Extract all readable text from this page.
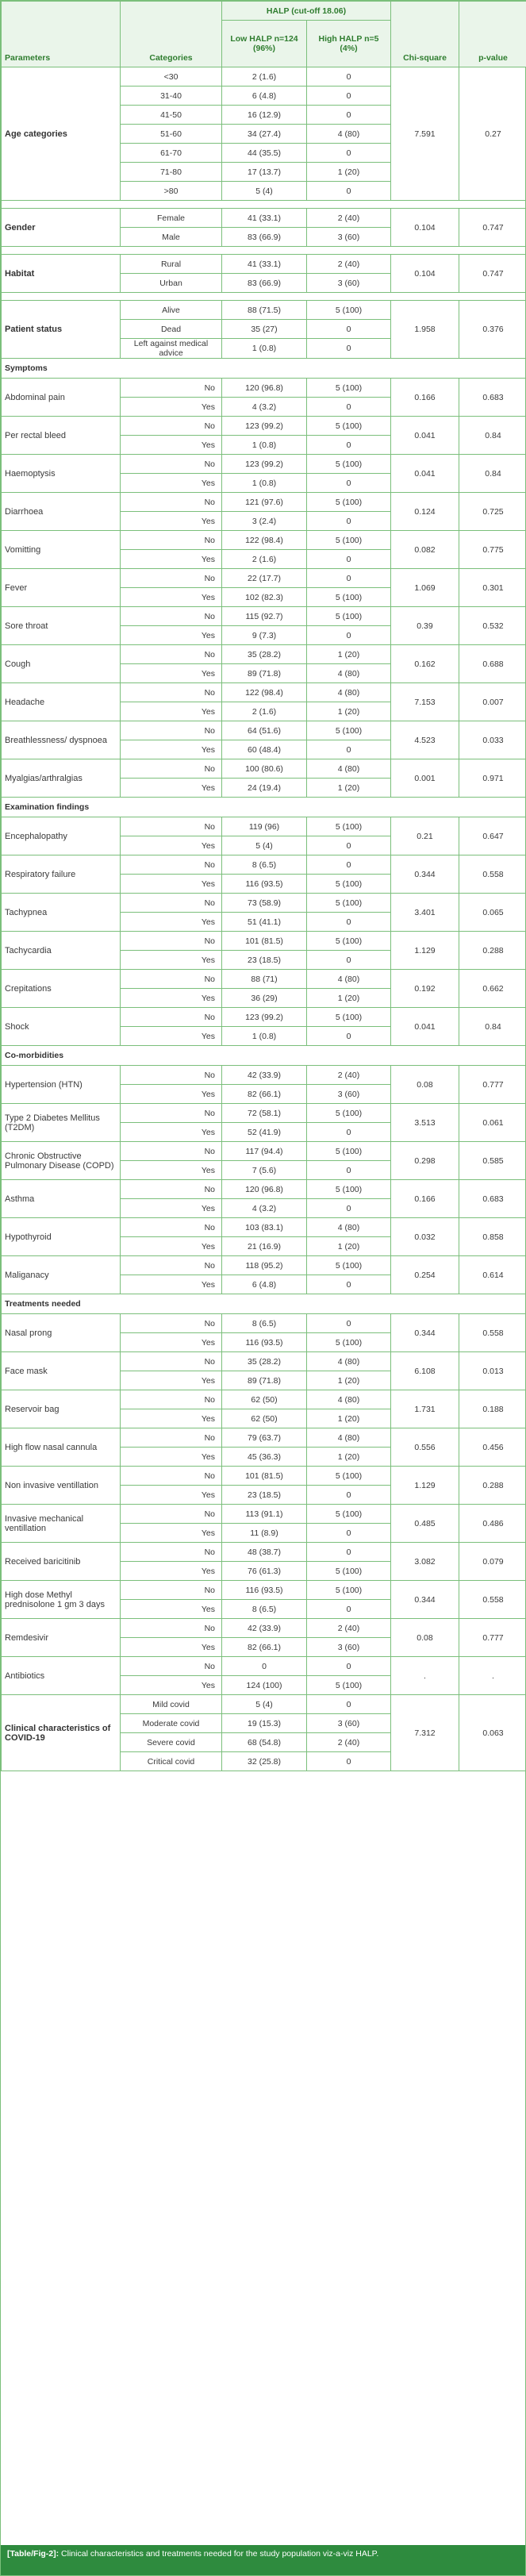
Parameters	Categories	HALP (cut-off 18.06)		Chi-square	p-value
		Low HALP n=124 (96%)	High HALP n=5 (4%)		
Age categories	<30	2 (1.6)	0	7.591	0.27
	31-40	6 (4.8)	0		
	41-50	16 (12.9)	0		
	51-60	34 (27.4)	4 (80)		
	61-70	44 (35.5)	0		
	71-80	17 (13.7)	1 (20)		
	>80	5 (4)	0		

Gender	Female	41 (33.1)	2 (40)	0.104	0.747
	Male	83 (66.9)	3 (60)		

Habitat	Rural	41 (33.1)	2 (40)	0.104	0.747
	Urban	83 (66.9)	3 (60)		

Patient status	Alive	88 (71.5)	5 (100)	1.958	0.376
	Dead	35 (27)	0		
	Left against medical advice	1 (0.8)	0		
Symptoms					
Abdominal pain	No	120 (96.8)	5 (100)	0.166	0.683
	Yes	4 (3.2)	0		
Per rectal bleed	No	123 (99.2)	5 (100)	0.041	0.84
	Yes	1 (0.8)	0		
Haemoptysis	No	123 (99.2)	5 (100)	0.041	0.84
	Yes	1 (0.8)	0		
Diarrhoea	No	121 (97.6)	5 (100)	0.124	0.725
	Yes	3 (2.4)	0		
Vomitting	No	122 (98.4)	5 (100)	0.082	0.775
	Yes	2 (1.6)	0		
Fever	No	22 (17.7)	0	1.069	0.301
	Yes	102 (82.3)	5 (100)		
Sore throat	No	115 (92.7)	5 (100)	0.39	0.532
	Yes	9 (7.3)	0		
Cough	No	35 (28.2)	1 (20)	0.162	0.688
	Yes	89 (71.8)	4 (80)		
Headache	No	122 (98.4)	4 (80)	7.153	0.007
	Yes	2 (1.6)	1 (20)		
Breathlessness/ dyspnoea	No	64 (51.6)	5 (100)	4.523	0.033
	Yes	60 (48.4)	0		
Myalgias/arthralgias	No	100 (80.6)	4 (80)	0.001	0.971
	Yes	24 (19.4)	1 (20)		
Examination findings					
Encephalopathy	No	119 (96)	5 (100)	0.21	0.647
	Yes	5 (4)	0		
Respiratory failure	No	8 (6.5)	0	0.344	0.558
	Yes	116 (93.5)	5 (100)		
Tachypnea	No	73 (58.9)	5 (100)	3.401	0.065
	Yes	51 (41.1)	0		
Tachycardia	No	101 (81.5)	5 (100)	1.129	0.288
	Yes	23 (18.5)	0		
Crepitations	No	88 (71)	4 (80)	0.192	0.662
	Yes	36 (29)	1 (20)		
Shock	No	123 (99.2)	5 (100)	0.041	0.84
	Yes	1 (0.8)	0		
Co-morbidities					
Hypertension (HTN)	No	42 (33.9)	2 (40)	0.08	0.777
	Yes	82 (66.1)	3 (60)		
Type 2 Diabetes Mellitus (T2DM)	No	72 (58.1)	5 (100)	3.513	0.061
	Yes	52 (41.9)	0		
Chronic Obstructive Pulmonary Disease (COPD)	No	117 (94.4)	5 (100)	0.298	0.585
	Yes	7 (5.6)	0		
Asthma	No	120 (96.8)	5 (100)	0.166	0.683
	Yes	4 (3.2)	0		
Hypothyroid	No	103 (83.1)	4 (80)	0.032	0.858
	Yes	21 (16.9)	1 (20)		
Maliganacy	No	118 (95.2)	5 (100)	0.254	0.614
	Yes	6 (4.8)	0		
Treatments needed					
Nasal prong	No	8 (6.5)	0	0.344	0.558
	Yes	116 (93.5)	5 (100)		
Face mask	No	35 (28.2)	4 (80)	6.108	0.013
	Yes	89 (71.8)	1 (20)		
Reservoir bag	No	62 (50)	4 (80)	1.731	0.188
	Yes	62 (50)	1 (20)		
High flow nasal cannula	No	79 (63.7)	4 (80)	0.556	0.456
	Yes	45 (36.3)	1 (20)		
Non invasive ventillation	No	101 (81.5)	5 (100)	1.129	0.288
	Yes	23 (18.5)	0		
Invasive mechanical ventillation	No	113 (91.1)	5 (100)	0.485	0.486
	Yes	11 (8.9)	0		
Received baricitinib	No	48 (38.7)	0	3.082	0.079
	Yes	76 (61.3)	5 (100)		
High dose Methyl prednisolone 1 gm 3 days	No	116 (93.5)	5 (100)	0.344	0.558
	Yes	8 (6.5)	0		
Remdesivir	No	42 (33.9)	2 (40)	0.08	0.777
	Yes	82 (66.1)	3 (60)		
Antibiotics	No	0	0	.	.
	Yes	124 (100)	5 (100)		
Clinical characteristics of COVID-19	Mild covid	5 (4)	0	7.312	0.063
	Moderate covid	19 (15.3)	3 (60)		
	Severe covid	68 (54.8)	2 (40)		
	Critical covid	32 (25.8)	0		
[Table/Fig-2]: Clinical characteristics and treatments needed for the study population viz-a-viz HALP.
